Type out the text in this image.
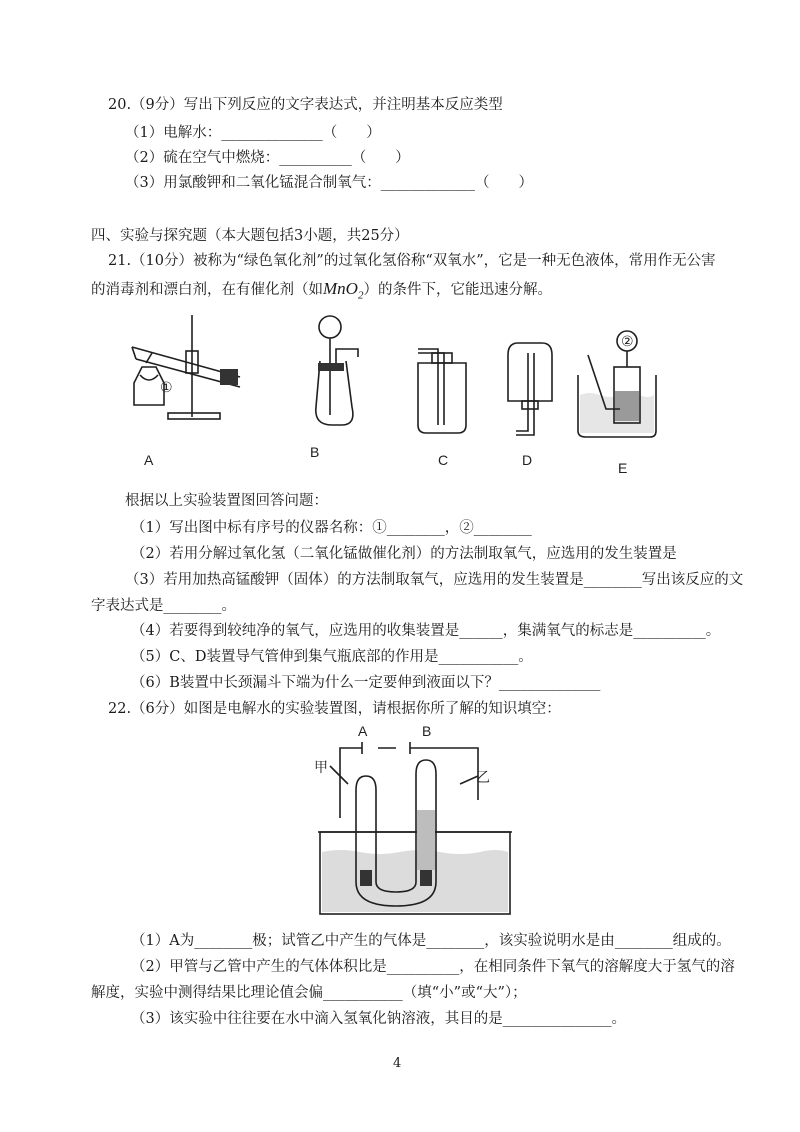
20.（9分）写出下列反应的文字表达式，并注明基本反应类型
（1）电解水：______________（　　）
（2）硫在空气中燃烧：__________（　　）
（3）用氯酸钾和二氧化锰混合制氧气：_____________（　　）
四、实验与探究题（本大题包括3小题，共25分）
21.（10分）被称为“绿色氧化剂”的过氧化氢俗称“双氧水”，它是一种无色液体，常用作无公害
的消毒剂和漂白剂，在有催化剂（如MnO$_2$）的条件下，它能迅速分解。
①
A	B	C	D
②
E
根据以上实验装置图回答问题：
（1）写出图中标有序号的仪器名称：①________，②________
（2）若用分解过氧化氢（二氧化锰做催化剂）的方法制取氧气，应选用的发生装置是
（3）若用加热高锰酸钾（固体）的方法制取氧气，应选用的发生装置是________写出该反应的文
字表达式是________。
（4）若要得到较纯净的氧气，应选用的收集装置是______，集满氧气的标志是__________。
（5）C、D装置导气管伸到集气瓶底部的作用是___________。
（6）B装置中长颈漏斗下端为什么一定要伸到液面以下？______________
22.（6分）如图是电解水的实验装置图，请根据你所了解的知识填空：
A	B
甲
乙
（1）A为________极；试管乙中产生的气体是________，该实验说明水是由________组成的。
（2）甲管与乙管中产生的气体体积比是__________，在相同条件下氧气的溶解度大于氢气的溶
解度，实验中测得结果比理论值会偏___________（填“小”或“大”）；
（3）该实验中往往要在水中滴入氢氧化钠溶液，其目的是_______________。
4
